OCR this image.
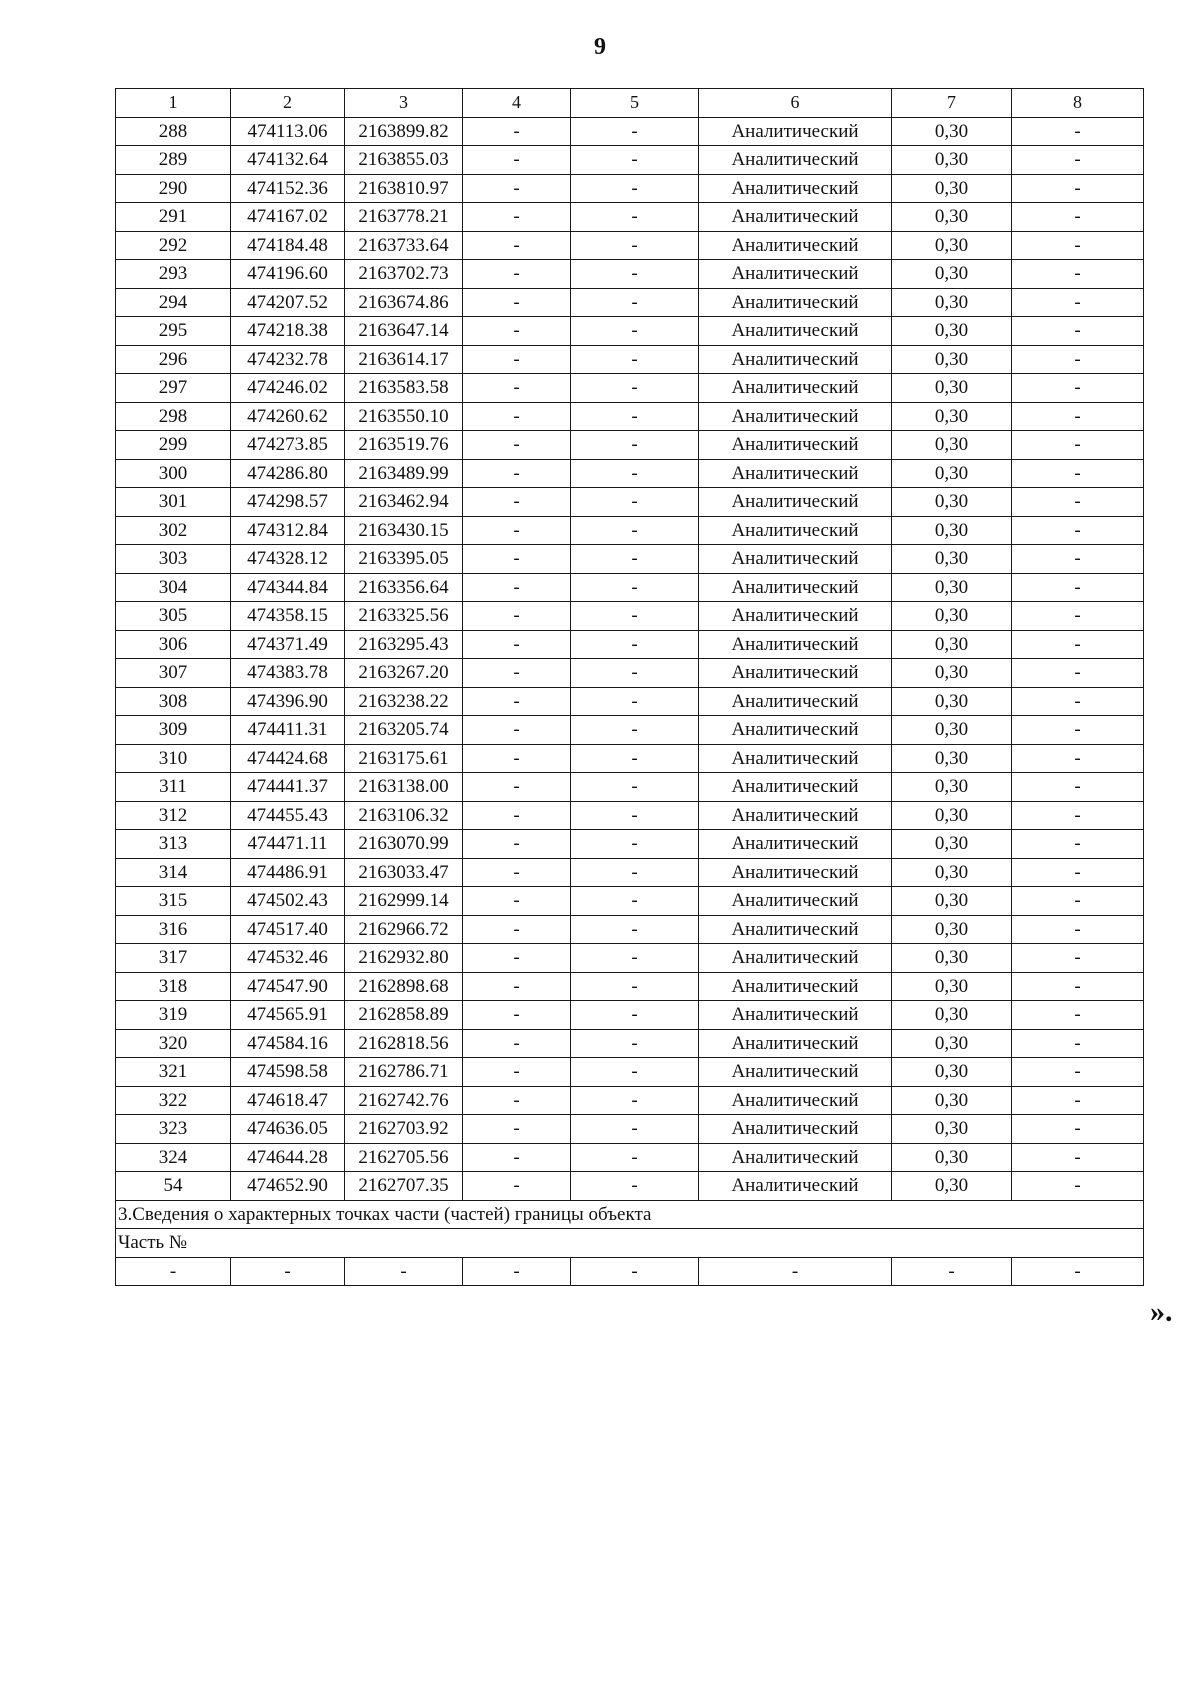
9
1	2	3	4	5	6	7	8
288	474113.06	2163899.82	-	-	Аналитический	0,30	-
289	474132.64	2163855.03	-	-	Аналитический	0,30	-
290	474152.36	2163810.97	-	-	Аналитический	0,30	-
291	474167.02	2163778.21	-	-	Аналитический	0,30	-
292	474184.48	2163733.64	-	-	Аналитический	0,30	-
293	474196.60	2163702.73	-	-	Аналитический	0,30	-
294	474207.52	2163674.86	-	-	Аналитический	0,30	-
295	474218.38	2163647.14	-	-	Аналитический	0,30	-
296	474232.78	2163614.17	-	-	Аналитический	0,30	-
297	474246.02	2163583.58	-	-	Аналитический	0,30	-
298	474260.62	2163550.10	-	-	Аналитический	0,30	-
299	474273.85	2163519.76	-	-	Аналитический	0,30	-
300	474286.80	2163489.99	-	-	Аналитический	0,30	-
301	474298.57	2163462.94	-	-	Аналитический	0,30	-
302	474312.84	2163430.15	-	-	Аналитический	0,30	-
303	474328.12	2163395.05	-	-	Аналитический	0,30	-
304	474344.84	2163356.64	-	-	Аналитический	0,30	-
305	474358.15	2163325.56	-	-	Аналитический	0,30	-
306	474371.49	2163295.43	-	-	Аналитический	0,30	-
307	474383.78	2163267.20	-	-	Аналитический	0,30	-
308	474396.90	2163238.22	-	-	Аналитический	0,30	-
309	474411.31	2163205.74	-	-	Аналитический	0,30	-
310	474424.68	2163175.61	-	-	Аналитический	0,30	-
311	474441.37	2163138.00	-	-	Аналитический	0,30	-
312	474455.43	2163106.32	-	-	Аналитический	0,30	-
313	474471.11	2163070.99	-	-	Аналитический	0,30	-
314	474486.91	2163033.47	-	-	Аналитический	0,30	-
315	474502.43	2162999.14	-	-	Аналитический	0,30	-
316	474517.40	2162966.72	-	-	Аналитический	0,30	-
317	474532.46	2162932.80	-	-	Аналитический	0,30	-
318	474547.90	2162898.68	-	-	Аналитический	0,30	-
319	474565.91	2162858.89	-	-	Аналитический	0,30	-
320	474584.16	2162818.56	-	-	Аналитический	0,30	-
321	474598.58	2162786.71	-	-	Аналитический	0,30	-
322	474618.47	2162742.76	-	-	Аналитический	0,30	-
323	474636.05	2162703.92	-	-	Аналитический	0,30	-
324	474644.28	2162705.56	-	-	Аналитический	0,30	-
54	474652.90	2162707.35	-	-	Аналитический	0,30	-
3.Сведения о характерных точках части (частей) границы объекта							
Часть №							
-	-	-	-	-	-	-	-
».
